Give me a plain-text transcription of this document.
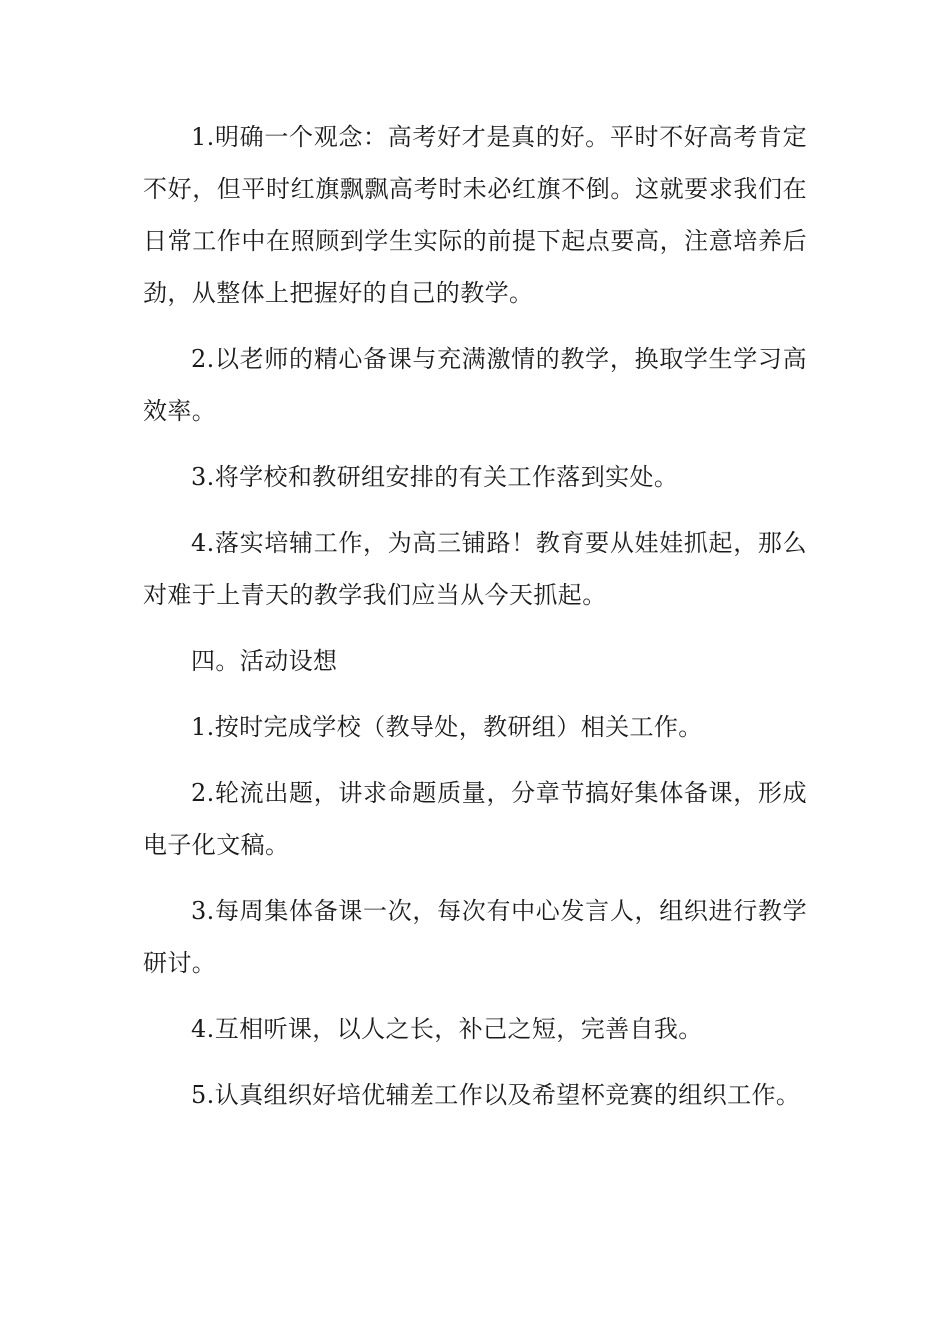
1.明确一个观念：高考好才是真的好。平时不好高考肯定不好，但平时红旗飘飘高考时未必红旗不倒。这就要求我们在日常工作中在照顾到学生实际的前提下起点要高，注意培养后劲，从整体上把握好的自己的教学。

2.以老师的精心备课与充满激情的教学，换取学生学习高效率。

3.将学校和教研组安排的有关工作落到实处。

4.落实培辅工作，为高三铺路！教育要从娃娃抓起，那么对难于上青天的教学我们应当从今天抓起。

四。活动设想

1.按时完成学校（教导处，教研组）相关工作。

2.轮流出题，讲求命题质量，分章节搞好集体备课，形成电子化文稿。

3.每周集体备课一次，每次有中心发言人，组织进行教学研讨。

4.互相听课，以人之长，补己之短，完善自我。

5.认真组织好培优辅差工作以及希望杯竞赛的组织工作。
